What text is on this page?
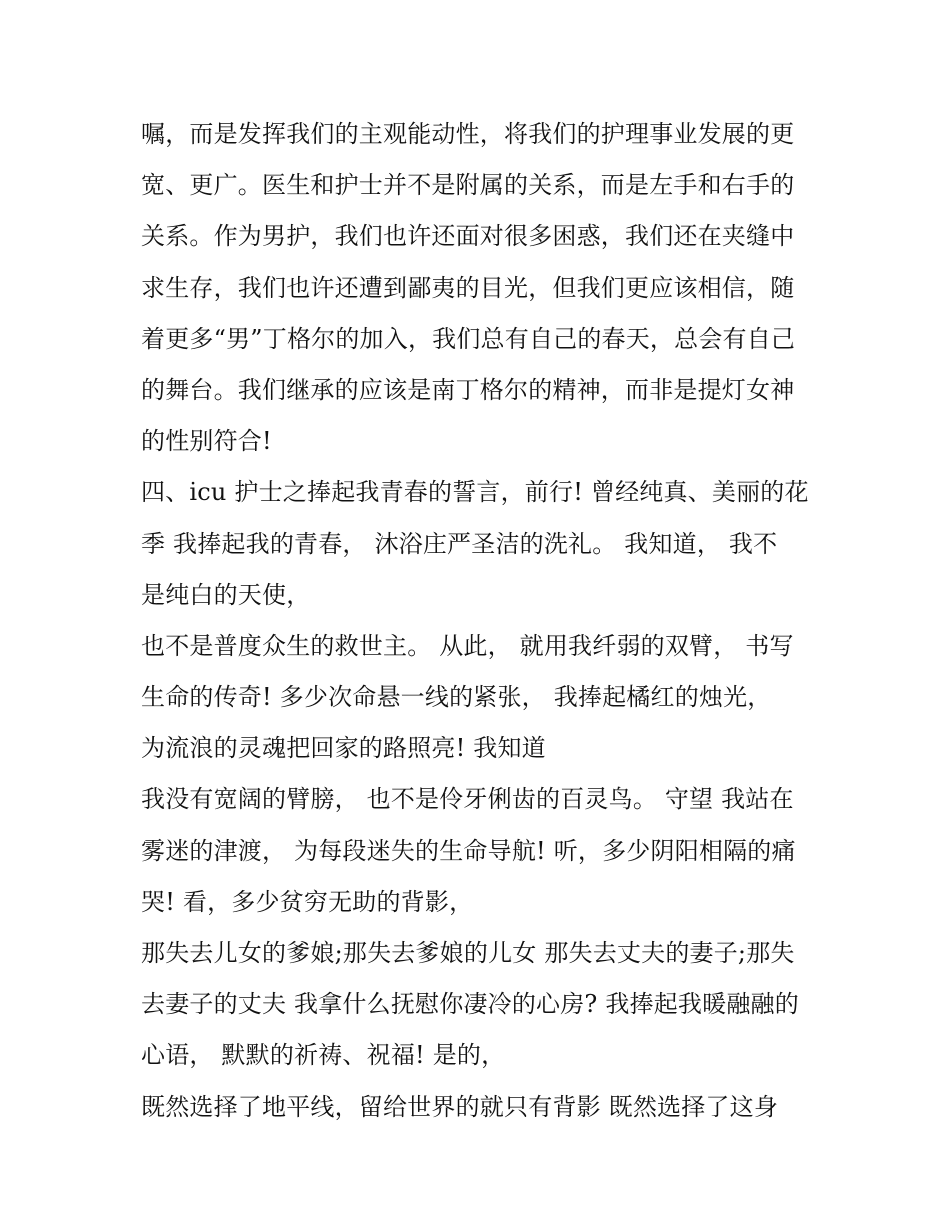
嘱，而是发挥我们的主观能动性，将我们的护理事业发展的更
宽、更广。医生和护士并不是附属的关系，而是左手和右手的
关系。作为男护，我们也许还面对很多困惑，我们还在夹缝中
求生存，我们也许还遭到鄙夷的目光，但我们更应该相信，随
着更多“男”丁格尔的加入，我们总有自己的春天，总会有自己
的舞台。我们继承的应该是南丁格尔的精神，而非是提灯女神
的性别符合!
四、icu 护士之捧起我青春的誓言，前行! 曾经纯真、美丽的花
季 我捧起我的青春， 沐浴庄严圣洁的洗礼。 我知道， 我不
是纯白的天使，
也不是普度众生的救世主。 从此， 就用我纤弱的双臂， 书写
生命的传奇! 多少次命悬一线的紧张， 我捧起橘红的烛光，
为流浪的灵魂把回家的路照亮! 我知道
我没有宽阔的臂膀， 也不是伶牙俐齿的百灵鸟。 守望 我站在
雾迷的津渡， 为每段迷失的生命导航! 听，多少阴阳相隔的痛
哭! 看，多少贫穷无助的背影，
那失去儿女的爹娘;那失去爹娘的儿女 那失去丈夫的妻子;那失
去妻子的丈夫 我拿什么抚慰你凄冷的心房? 我捧起我暖融融的
心语， 默默的祈祷、祝福! 是的，
既然选择了地平线，留给世界的就只有背影 既然选择了这身
